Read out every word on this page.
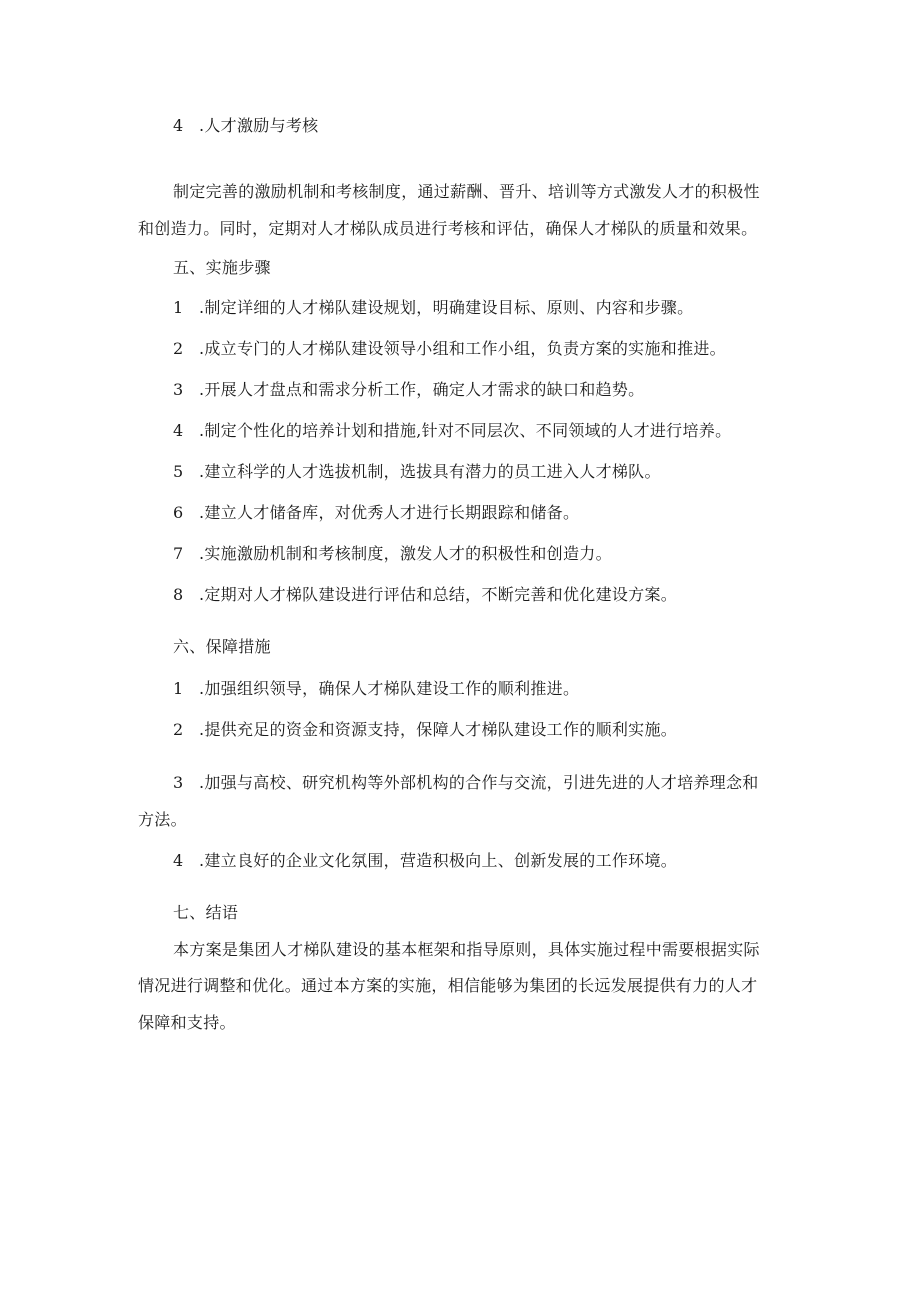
4 .人才激励与考核
制定完善的激励机制和考核制度，通过薪酬、晋升、培训等方式激发人才的积极性
和创造力。同时，定期对人才梯队成员进行考核和评估，确保人才梯队的质量和效果。
五、实施步骤
1 .制定详细的人才梯队建设规划，明确建设目标、原则、内容和步骤。
2 .成立专门的人才梯队建设领导小组和工作小组，负责方案的实施和推进。
3 .开展人才盘点和需求分析工作，确定人才需求的缺口和趋势。
4 .制定个性化的培养计划和措施,针对不同层次、不同领域的人才进行培养。
5 .建立科学的人才选拔机制，选拔具有潜力的员工进入人才梯队。
6 .建立人才储备库，对优秀人才进行长期跟踪和储备。
7 .实施激励机制和考核制度，激发人才的积极性和创造力。
8 .定期对人才梯队建设进行评估和总结，不断完善和优化建设方案。
六、保障措施
1 .加强组织领导，确保人才梯队建设工作的顺利推进。
2 .提供充足的资金和资源支持，保障人才梯队建设工作的顺利实施。
3 .加强与高校、研究机构等外部机构的合作与交流，引进先进的人才培养理念和
方法。
4 .建立良好的企业文化氛围，营造积极向上、创新发展的工作环境。
七、结语
本方案是集团人才梯队建设的基本框架和指导原则，具体实施过程中需要根据实际
情况进行调整和优化。通过本方案的实施，相信能够为集团的长远发展提供有力的人才
保障和支持。
